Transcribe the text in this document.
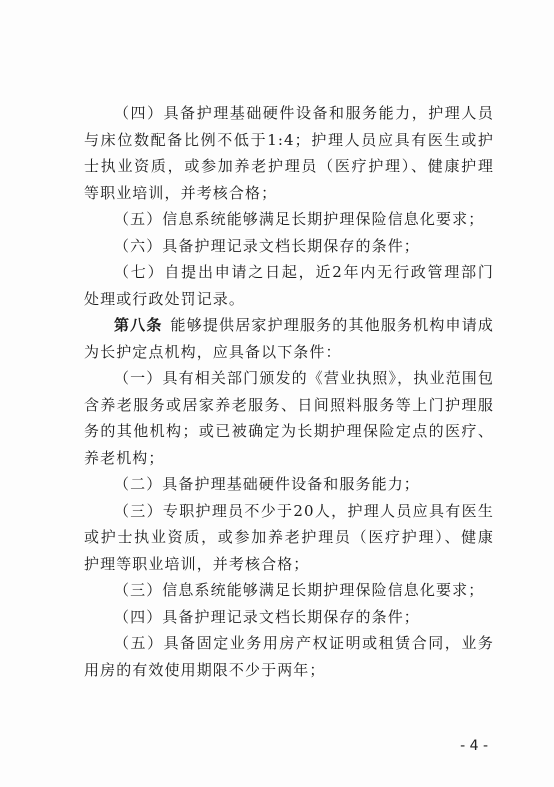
（四）具备护理基础硬件设备和服务能力，护理人员与床位数配备比例不低于1:4；护理人员应具有医生或护士执业资质，或参加养老护理员（医疗护理）、健康护理等职业培训，并考核合格；

（五）信息系统能够满足长期护理保险信息化要求；

（六）具备护理记录文档长期保存的条件；

（七）自提出申请之日起，近2年内无行政管理部门处理或行政处罚记录。

第八条 能够提供居家护理服务的其他服务机构申请成为长护定点机构，应具备以下条件：

（一）具有相关部门颁发的《营业执照》，执业范围包含养老服务或居家养老服务、日间照料服务等上门护理服务的其他机构；或已被确定为长期护理保险定点的医疗、养老机构；

（二）具备护理基础硬件设备和服务能力；

（三）专职护理员不少于20人，护理人员应具有医生或护士执业资质，或参加养老护理员（医疗护理）、健康护理等职业培训，并考核合格；

（三）信息系统能够满足长期护理保险信息化要求；

（四）具备护理记录文档长期保存的条件；

（五）具备固定业务用房产权证明或租赁合同，业务用房的有效使用期限不少于两年；

- 4 -
